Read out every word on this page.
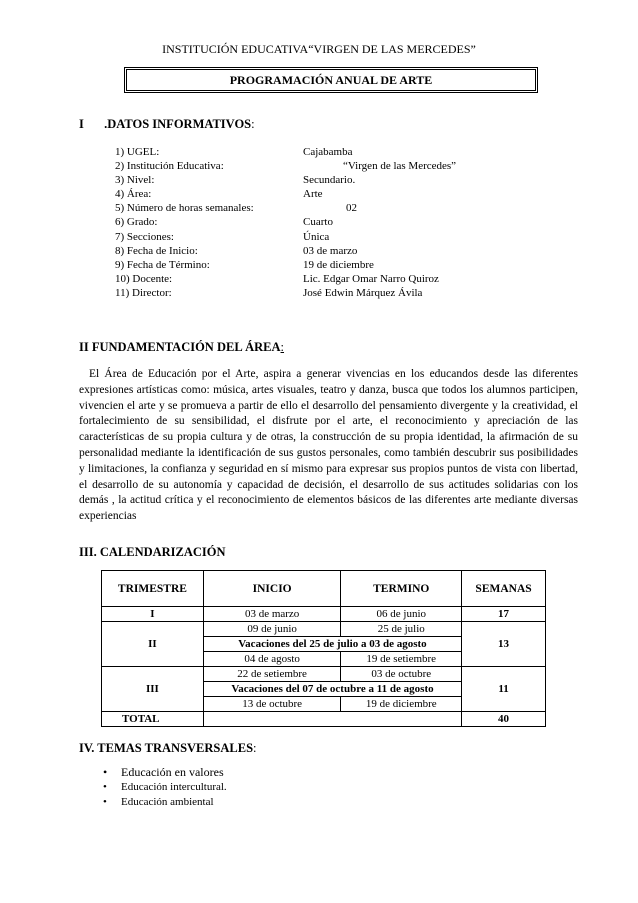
INSTITUCIÓN EDUCATIVA“VIRGEN DE LAS MERCEDES”
PROGRAMACIÓN ANUAL DE ARTE
I .DATOS INFORMATIVOS:
1) UGEL:	Cajabamba
2) Institución Educativa:	“Virgen de las Mercedes”
3) Nivel:	Secundario.
4) Área:	Arte
5) Número de horas semanales:	02
6) Grado:	Cuarto
7) Secciones:	Única
8) Fecha de Inicio:	03 de marzo
9) Fecha de Término:	19 de diciembre
10) Docente:	Lic. Edgar Omar Narro Quiroz
11) Director:	José Edwin Márquez Ávila
II FUNDAMENTACIÓN DEL ÁREA:
El Área de Educación por el Arte, aspira a generar vivencias en los educandos desde las diferentes expresiones artísticas como: música, artes visuales, teatro y danza, busca que todos los alumnos participen, vivencien el arte y se promueva a partir de ello el desarrollo del pensamiento divergente y la creatividad, el fortalecimiento de su sensibilidad, el disfrute por el arte, el reconocimiento y apreciación de las características de su propia cultura y de otras, la construcción de su propia identidad, la afirmación de su personalidad mediante la identificación de sus gustos personales, como también descubrir sus posibilidades y limitaciones, la confianza y seguridad en sí mismo para expresar sus propios puntos de vista con libertad, el desarrollo de su autonomía y capacidad de decisión, el desarrollo de sus actitudes solidarias con los demás , la actitud crítica y el reconocimiento de elementos básicos de las diferentes arte mediante diversas experiencias
III. CALENDARIZACIÓN
TRIMESTRE	INICIO	TERMINO	SEMANAS
I	03 de marzo	06 de junio	17
II	09 de junio	25 de julio	13
	Vacaciones del 25 de julio a 03 de agosto		
	04 de agosto	19 de setiembre	
III	22 de setiembre	03 de octubre	11
	Vacaciones del 07 de octubre a 11 de agosto		
	13 de octubre	19 de diciembre	
TOTAL			40
IV. TEMAS TRANSVERSALES:
• Educación en valores
• Educación intercultural.
• Educación ambiental
